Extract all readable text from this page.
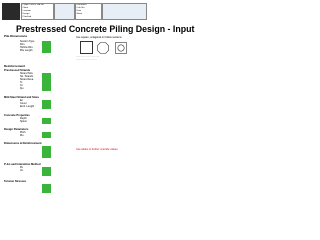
Project Title & Job No.
Client
Location
Design
Checked
Document
Calc No.
Date
Sheet
Prestressed Concrete Piling Design - Input
Pile Dimensions	Use square, octagonal or hollow sections
Section Type
Dim.
Hollow Dim.
Pile Length
····························
·························
Reinforcement
Prestressed Strands
Strand Size
No. Strands
Strand Area
f'c
fci
fpu
Mild Steel Strand and Sizes
Ec
Cover
Emb. Length
Concrete Properties
Depth
Spiral
Design Parameters
Pitch
Mu
Dimensions & Reinforcement
Use tables to further override values
P-Δ Load Interaction Method
Pu
Vu
Tension Stresses
